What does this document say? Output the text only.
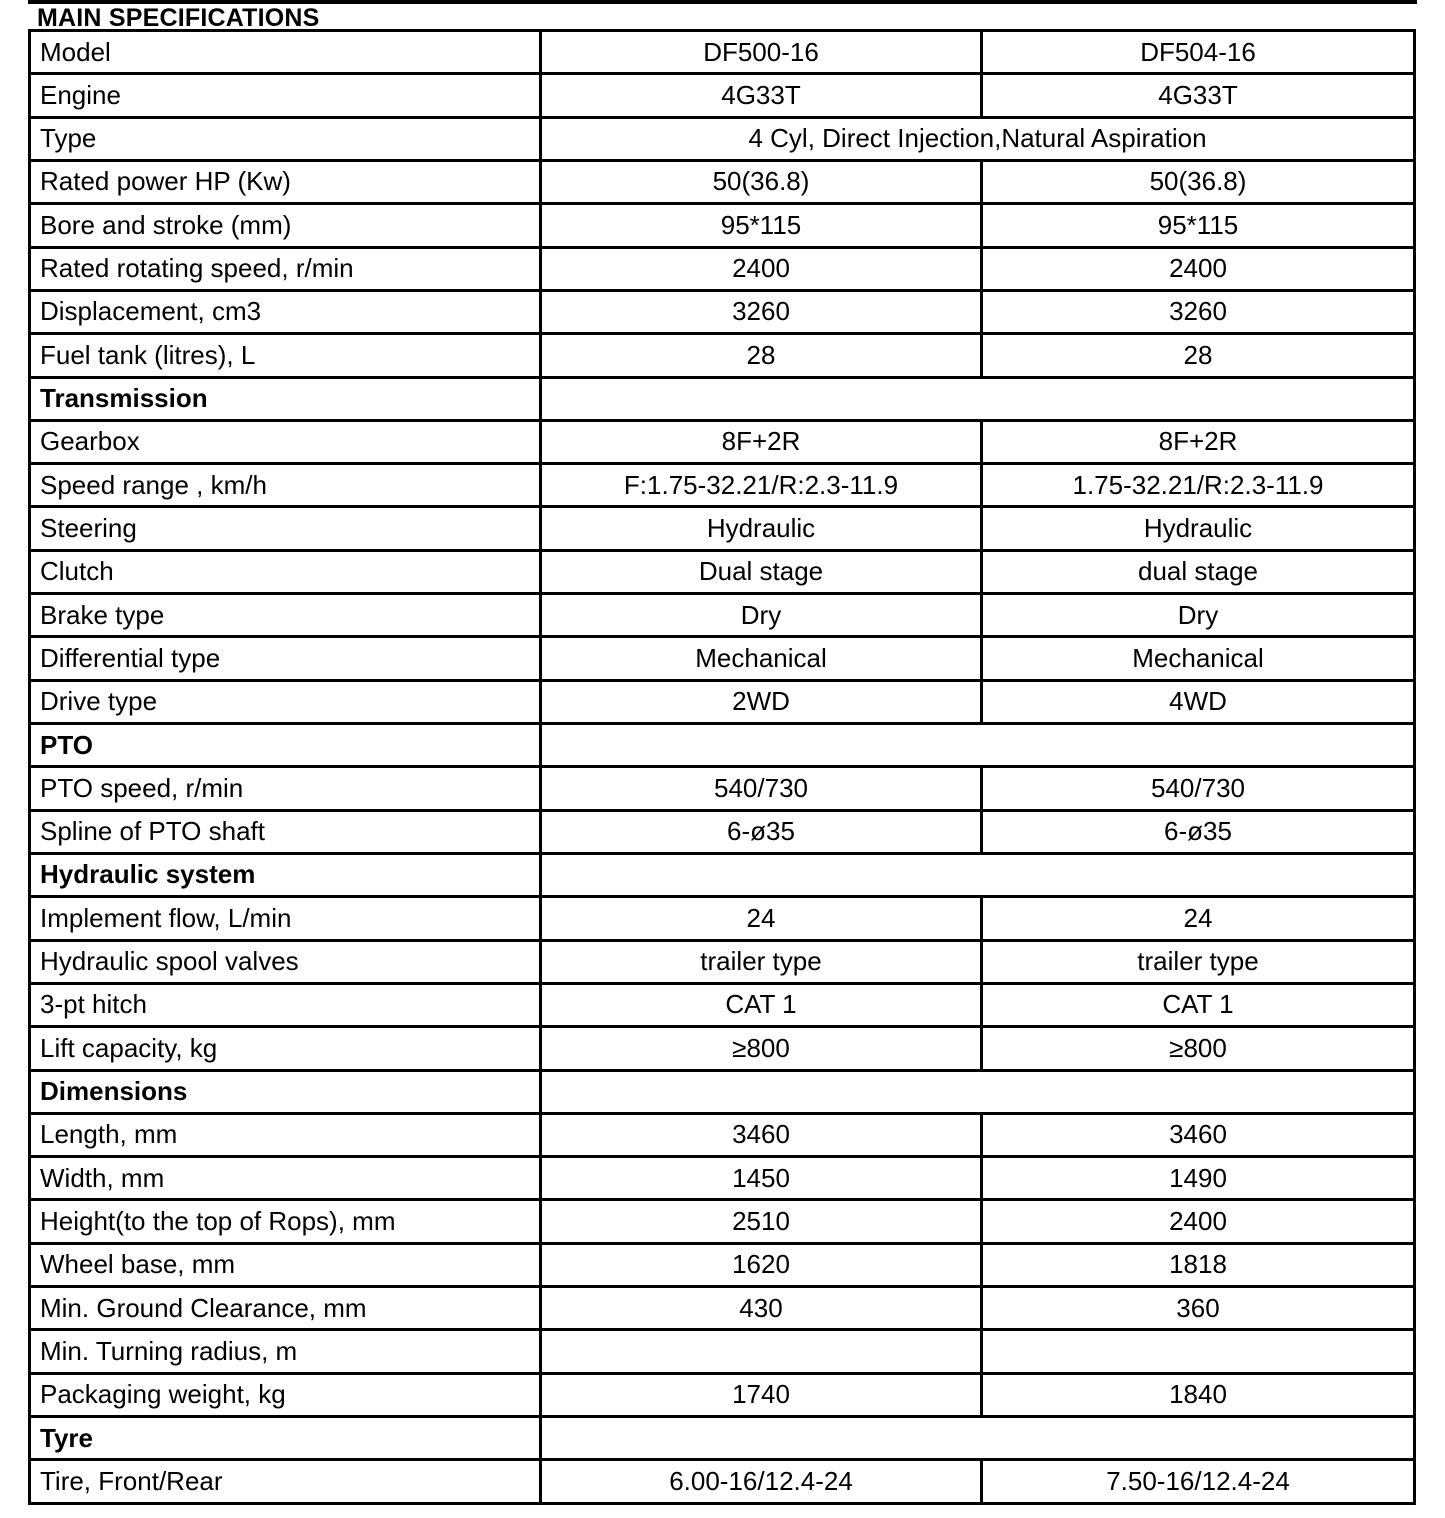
MAIN SPECIFICATIONS
Model	DF500-16	DF504-16
Engine	4G33T	4G33T
Type	4 Cyl, Direct Injection,Natural Aspiration	
Rated power HP (Kw)	50(36.8)	50(36.8)
Bore and stroke (mm)	95*115	95*115
Rated rotating speed, r/min	2400	2400
Displacement, cm3	3260	3260
Fuel tank (litres), L	28	28
Transmission		
Gearbox	8F+2R	8F+2R
Speed range , km/h	F:1.75-32.21/R:2.3-11.9	1.75-32.21/R:2.3-11.9
Steering	Hydraulic	Hydraulic
Clutch	Dual stage	dual stage
Brake type	Dry	Dry
Differential type	Mechanical	Mechanical
Drive type	2WD	4WD
PTO		
PTO speed, r/min	540/730	540/730
Spline of PTO shaft	6-ø35	6-ø35
Hydraulic system		
Implement flow, L/min	24	24
Hydraulic spool valves	trailer type	trailer type
3-pt hitch	CAT 1	CAT 1
Lift capacity, kg	≥800	≥800
Dimensions		
Length, mm	3460	3460
Width, mm	1450	1490
Height(to the top of Rops), mm	2510	2400
Wheel base, mm	1620	1818
Min. Ground Clearance, mm	430	360
Min. Turning radius, m		
Packaging weight, kg	1740	1840
Tyre		
Tire, Front/Rear	6.00-16/12.4-24	7.50-16/12.4-24
